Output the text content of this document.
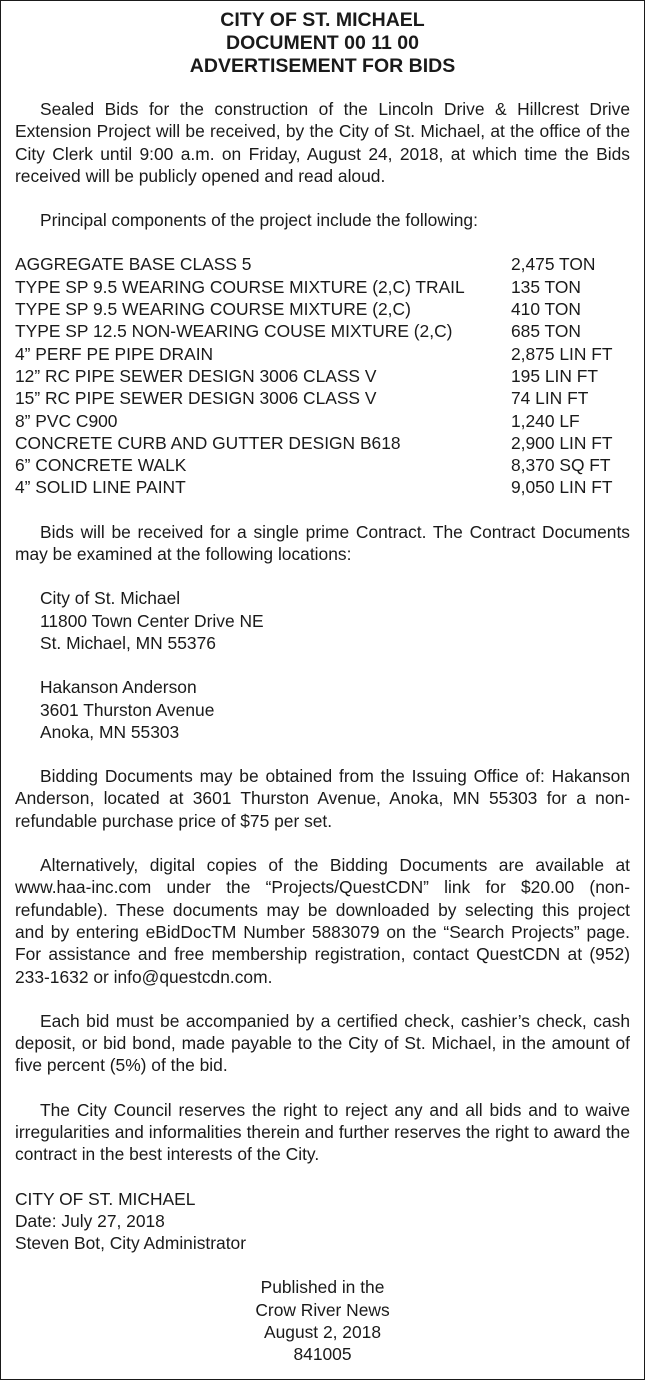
CITY OF ST. MICHAEL
DOCUMENT 00 11 00
ADVERTISEMENT FOR BIDS

Sealed Bids for the construction of the Lincoln Drive & Hillcrest Drive Extension Project will be received, by the City of St. Michael, at the office of the City Clerk until 9:00 a.m. on Friday, August 24, 2018, at which time the Bids received will be publicly opened and read aloud.

Principal components of the project include the following:

AGGREGATE BASE CLASS 5	2,475 TON
TYPE SP 9.5 WEARING COURSE MIXTURE (2,C) TRAIL	135 TON
TYPE SP 9.5 WEARING COURSE MIXTURE (2,C)	410 TON
TYPE SP 12.5 NON-WEARING COUSE MIXTURE (2,C)	685 TON
4” PERF PE PIPE DRAIN	2,875 LIN FT
12” RC PIPE SEWER DESIGN 3006 CLASS V	195 LIN FT
15” RC PIPE SEWER DESIGN 3006 CLASS V	74 LIN FT
8” PVC C900	1,240 LF
CONCRETE CURB AND GUTTER DESIGN B618	2,900 LIN FT
6” CONCRETE WALK	8,370 SQ FT
4” SOLID LINE PAINT	9,050 LIN FT

Bids will be received for a single prime Contract. The Contract Documents may be examined at the following locations:

City of St. Michael
11800 Town Center Drive NE
St. Michael, MN 55376
Hakanson Anderson
3601 Thurston Avenue
Anoka, MN 55303

Bidding Documents may be obtained from the Issuing Office of: Hakanson Anderson, located at 3601 Thurston Avenue, Anoka, MN 55303 for a non-refundable purchase price of $75 per set.

Alternatively, digital copies of the Bidding Documents are available at www.haa-inc.com under the “Projects/QuestCDN” link for $20.00 (non-refundable). These documents may be downloaded by selecting this project and by entering eBidDocTM Number 5883079 on the “Search Projects” page. For assistance and free membership registration, contact QuestCDN at (952) 233-1632 or info@questcdn.com.

Each bid must be accompanied by a certified check, cashier’s check, cash deposit, or bid bond, made payable to the City of St. Michael, in the amount of five percent (5%) of the bid.

The City Council reserves the right to reject any and all bids and to waive irregularities and informalities therein and further reserves the right to award the contract in the best interests of the City.

CITY OF ST. MICHAEL
Date: July 27, 2018
Steven Bot, City Administrator
Published in the
Crow River News
August 2, 2018
841005
